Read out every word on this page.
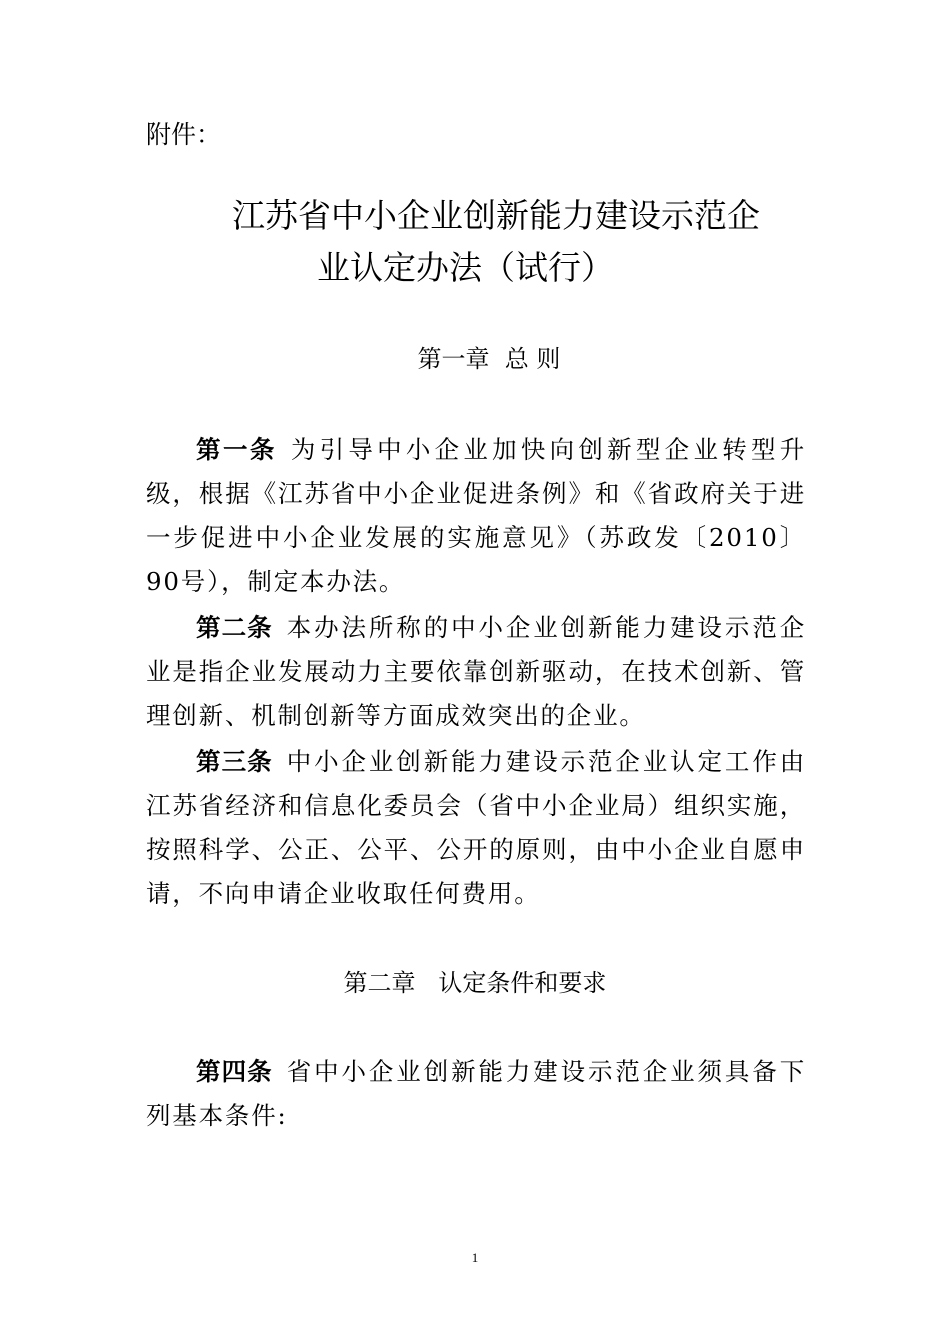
附件：

江苏省中小企业创新能力建设示范企
业认定办法（试行）
第一章  总 则

第一条 为引导中小企业加快向创新型企业转型升级，根据《江苏省中小企业促进条例》和《省政府关于进一步促进中小企业发展的实施意见》（苏政发〔2010〕90号），制定本办法。

第二条 本办法所称的中小企业创新能力建设示范企业是指企业发展动力主要依靠创新驱动，在技术创新、管理创新、机制创新等方面成效突出的企业。

第三条 中小企业创新能力建设示范企业认定工作由江苏省经济和信息化委员会（省中小企业局）组织实施，按照科学、公正、公平、公开的原则，由中小企业自愿申请，不向申请企业收取任何费用。

第二章   认定条件和要求

第四条 省中小企业创新能力建设示范企业须具备下列基本条件:

1
